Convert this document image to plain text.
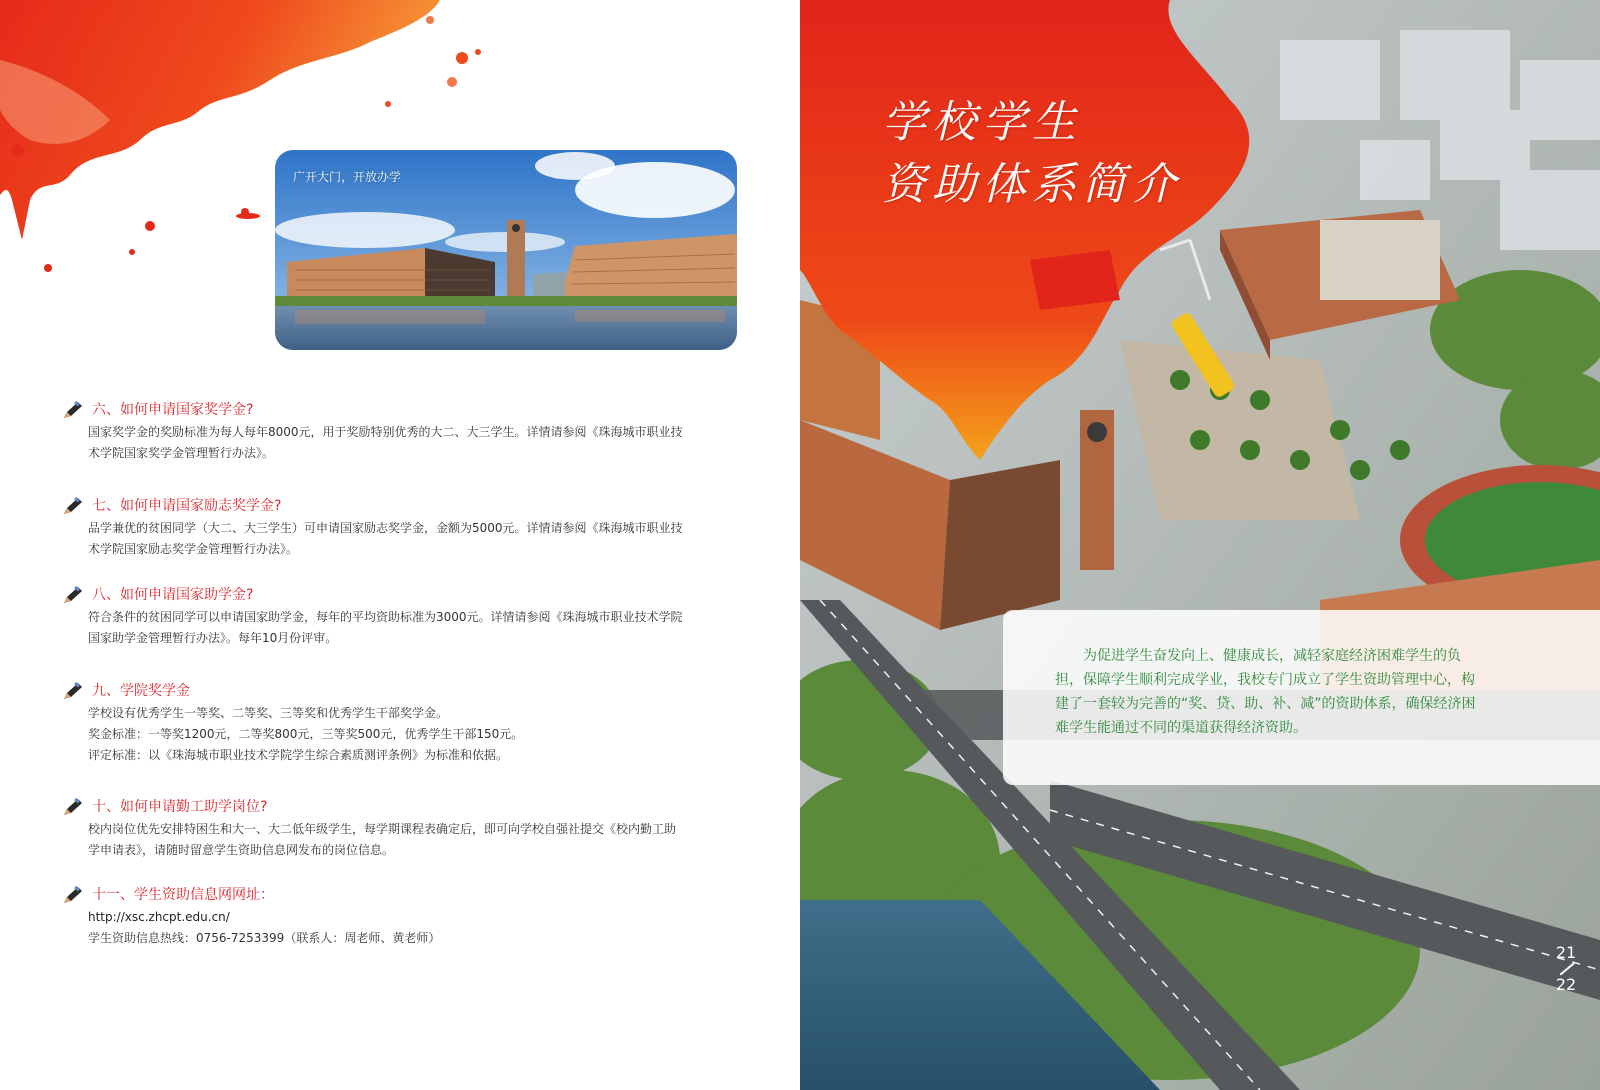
广开大门，开放办学
六、如何申请国家奖学金?

国家奖学金的奖励标准为每人每年8000元，用于奖励特别优秀的大二、大三学生。详情请参阅《珠海城市职业技

术学院国家奖学金管理暂行办法》。

七、如何申请国家励志奖学金?

品学兼优的贫困同学（大二、大三学生）可申请国家励志奖学金，金额为5000元。详情请参阅《珠海城市职业技

术学院国家励志奖学金管理暂行办法》。

八、如何申请国家助学金?

符合条件的贫困同学可以申请国家助学金，每年的平均资助标准为3000元。详情请参阅《珠海城市职业技术学院

国家助学金管理暂行办法》。每年10月份评审。

九、学院奖学金

学校设有优秀学生一等奖、二等奖、三等奖和优秀学生干部奖学金。

奖金标准：一等奖1200元，二等奖800元，三等奖500元，优秀学生干部150元。

评定标准：以《珠海城市职业技术学院学生综合素质测评条例》为标准和依据。

十、如何申请勤工助学岗位?

校内岗位优先安排特困生和大一、大二低年级学生，每学期课程表确定后，即可向学校自强社提交《校内勤工助

学申请表》，请随时留意学生资助信息网发布的岗位信息。

十一、学生资助信息网网址：

http://xsc.zhcpt.edu.cn/

学生资助信息热线：0756-7253399（联系人：周老师、黄老师）

学校学生
资助体系简介
为促进学生奋发向上、健康成长，减轻家庭经济困难学生的负担，保障学生顺利完成学业，我校专门成立了学生资助管理中心，构建了一套较为完善的“奖、贷、助、补、减”的资助体系，确保经济困难学生能通过不同的渠道获得经济资助。
21
22
